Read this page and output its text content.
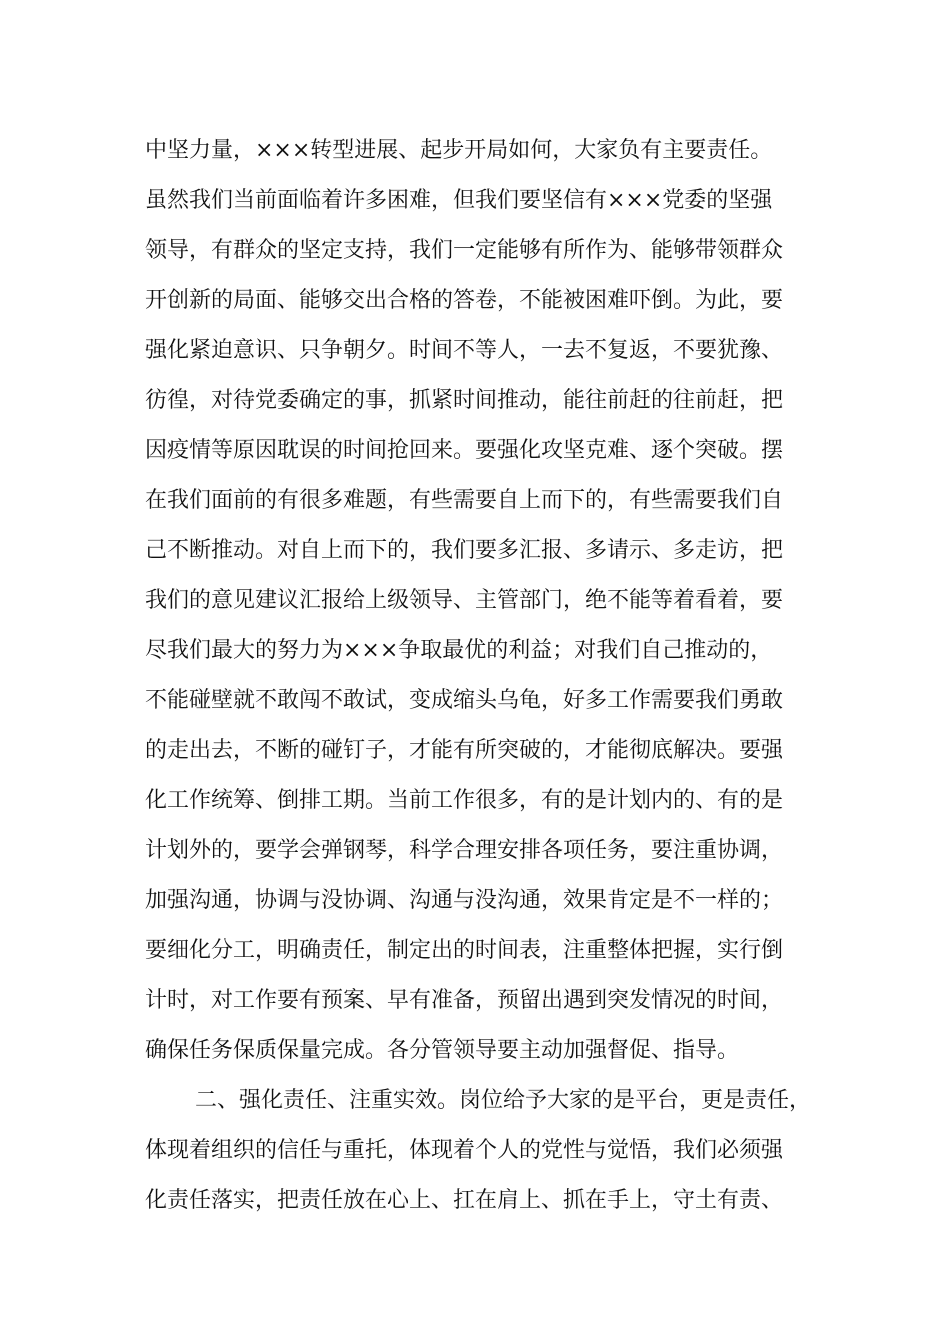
中坚力量，×××转型进展、起步开局如何，大家负有主要责任。
虽然我们当前面临着许多困难，但我们要坚信有×××党委的坚强
领导，有群众的坚定支持，我们一定能够有所作为、能够带领群众
开创新的局面、能够交出合格的答卷，不能被困难吓倒。为此，要
强化紧迫意识、只争朝夕。时间不等人，一去不复返，不要犹豫、
彷徨，对待党委确定的事，抓紧时间推动，能往前赶的往前赶，把
因疫情等原因耽误的时间抢回来。要强化攻坚克难、逐个突破。摆
在我们面前的有很多难题，有些需要自上而下的，有些需要我们自
己不断推动。对自上而下的，我们要多汇报、多请示、多走访，把
我们的意见建议汇报给上级领导、主管部门，绝不能等着看着，要
尽我们最大的努力为×××争取最优的利益；对我们自己推动的，
不能碰壁就不敢闯不敢试，变成缩头乌龟，好多工作需要我们勇敢
的走出去，不断的碰钉子，才能有所突破的，才能彻底解决。要强
化工作统筹、倒排工期。当前工作很多，有的是计划内的、有的是
计划外的，要学会弹钢琴，科学合理安排各项任务，要注重协调，
加强沟通，协调与没协调、沟通与没沟通，效果肯定是不一样的；
要细化分工，明确责任，制定出的时间表，注重整体把握，实行倒
计时，对工作要有预案、早有准备，预留出遇到突发情况的时间，
确保任务保质保量完成。各分管领导要主动加强督促、指导。
二、强化责任、注重实效。岗位给予大家的是平台，更是责任，
体现着组织的信任与重托，体现着个人的党性与觉悟，我们必须强
化责任落实，把责任放在心上、扛在肩上、抓在手上，守土有责、
